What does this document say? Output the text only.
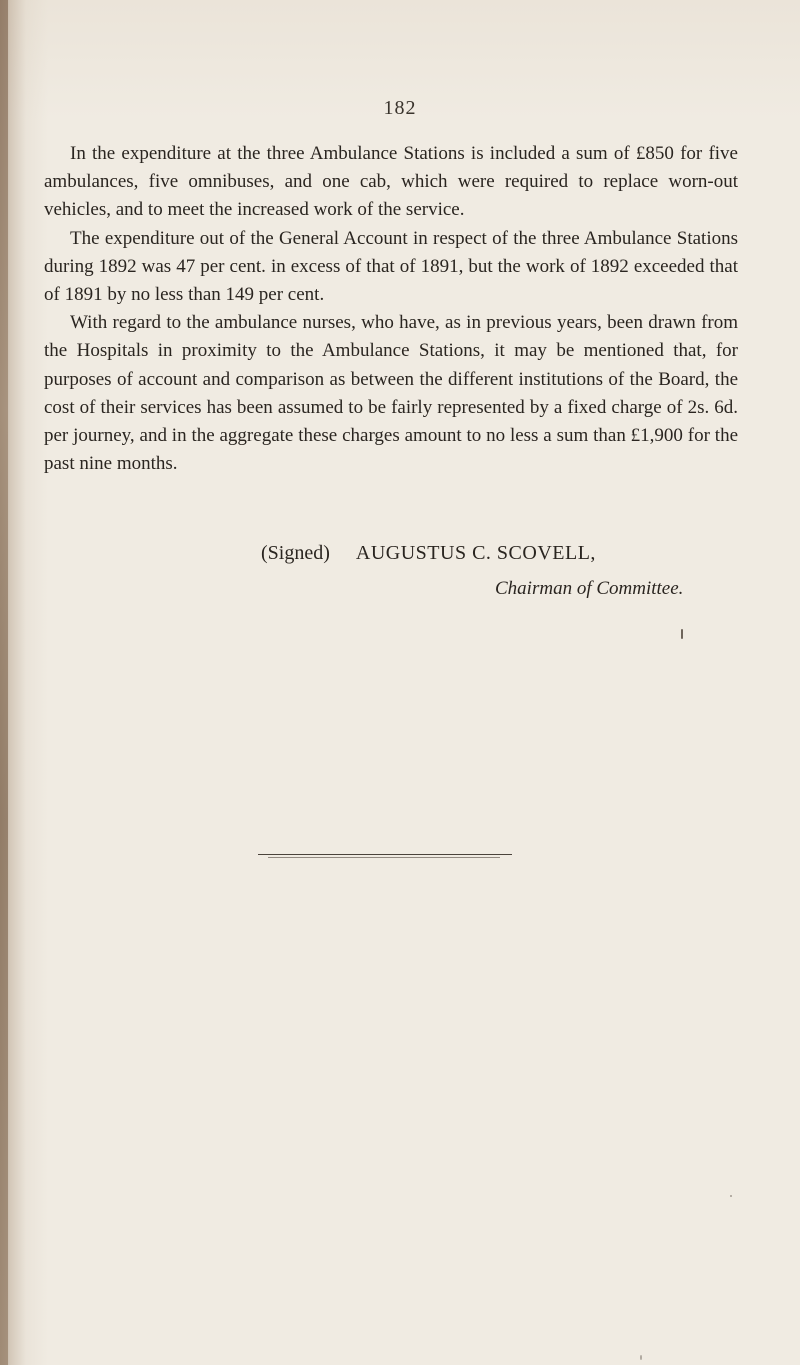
182

In the expenditure at the three Ambulance Stations is included a sum of £850 for five ambulances, five omnibuses, and one cab, which were required to replace worn-out vehicles, and to meet the increased work of the service.

The expenditure out of the General Account in respect of the three Ambulance Stations during 1892 was 47 per cent. in excess of that of 1891, but the work of 1892 exceeded that of 1891 by no less than 149 per cent.

With regard to the ambulance nurses, who have, as in previous years, been drawn from the Hospitals in proximity to the Ambulance Stations, it may be mentioned that, for purposes of account and comparison as between the different institutions of the Board, the cost of their services has been assumed to be fairly represented by a fixed charge of 2s. 6d. per journey, and in the aggregate these charges amount to no less a sum than £1,900 for the past nine months.

(Signed) AUGUSTUS C. SCOVELL,
Chairman of Committee.
